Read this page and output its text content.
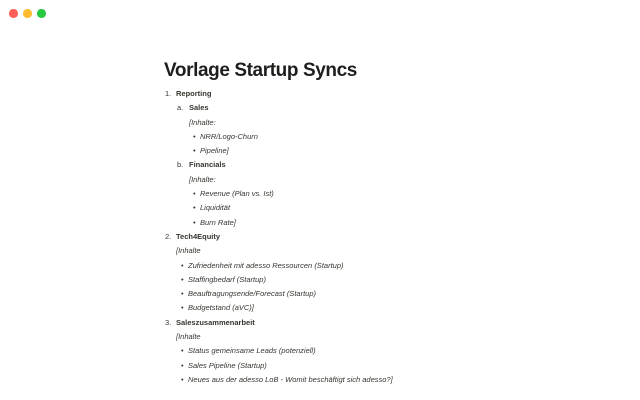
Vorlage Startup Syncs
1. Reporting
a. Sales
[Inhalte:
• NRR/Logo-Churn
• Pipeline]
b. Financials
[Inhalte:
• Revenue (Plan vs. Ist)
• Liquidität
• Burn Rate]
2. Tech4Equity
[Inhalte
• Zufriedenheit mit adesso Ressourcen (Startup)
• Staffingbedarf (Startup)
• Beauftragungsende/Forecast (Startup)
• Budgetstand (aVC)]
3. Saleszusammenarbeit
[Inhalte
• Status gemeinsame Leads (potenziell)
• Sales Pipeline (Startup)
• Neues aus der adesso LoB - Womit beschäftigt sich adesso?]
